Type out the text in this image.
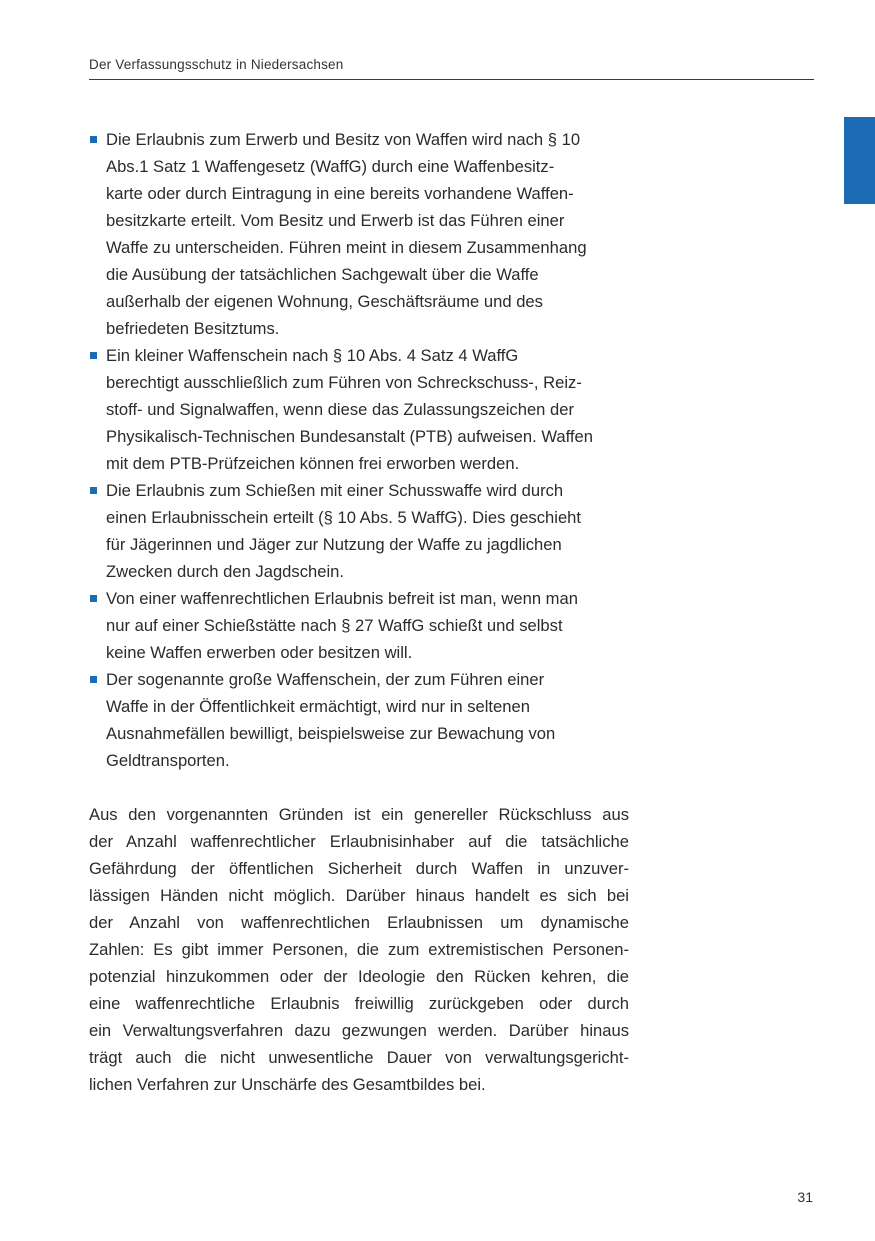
Der Verfassungsschutz in Niedersachsen
Die Erlaubnis zum Erwerb und Besitz von Waffen wird nach § 10
Abs.1 Satz 1 Waffengesetz (WaffG) durch eine Waffenbesitz-
karte oder durch Eintragung in eine bereits vorhandene Waffen-
besitzkarte erteilt. Vom Besitz und Erwerb ist das Führen einer
Waffe zu unterscheiden. Führen meint in diesem Zusammenhang
die Ausübung der tatsächlichen Sachgewalt über die Waffe
außerhalb der eigenen Wohnung, Geschäftsräume und des
befriedeten Besitztums.
Ein kleiner Waffenschein nach § 10 Abs. 4 Satz 4 WaffG
berechtigt ausschließlich zum Führen von Schreckschuss-, Reiz-
stoff- und Signalwaffen, wenn diese das Zulassungszeichen der
Physikalisch-Technischen Bundesanstalt (PTB) aufweisen. Waffen
mit dem PTB-Prüfzeichen können frei erworben werden.
Die Erlaubnis zum Schießen mit einer Schusswaffe wird durch
einen Erlaubnisschein erteilt (§ 10 Abs. 5 WaffG). Dies geschieht
für Jägerinnen und Jäger zur Nutzung der Waffe zu jagdlichen
Zwecken durch den Jagdschein.
Von einer waffenrechtlichen Erlaubnis befreit ist man, wenn man
nur auf einer Schießstätte nach § 27 WaffG schießt und selbst
keine Waffen erwerben oder besitzen will.
Der sogenannte große Waffenschein, der zum Führen einer
Waffe in der Öffentlichkeit ermächtigt, wird nur in seltenen
Ausnahmefällen bewilligt, beispielsweise zur Bewachung von
Geldtransporten.
Aus den vorgenannten Gründen ist ein genereller Rückschluss aus
der Anzahl waffenrechtlicher Erlaubnisinhaber auf die tatsächliche
Gefährdung der öffentlichen Sicherheit durch Waffen in unzuver-
lässigen Händen nicht möglich. Darüber hinaus handelt es sich bei
der Anzahl von waffenrechtlichen Erlaubnissen um dynamische
Zahlen: Es gibt immer Personen, die zum extremistischen Personen-
potenzial hinzukommen oder der Ideologie den Rücken kehren, die
eine waffenrechtliche Erlaubnis freiwillig zurückgeben oder durch
ein Verwaltungsverfahren dazu gezwungen werden. Darüber hinaus
trägt auch die nicht unwesentliche Dauer von verwaltungsgericht-
lichen Verfahren zur Unschärfe des Gesamtbildes bei.
31
